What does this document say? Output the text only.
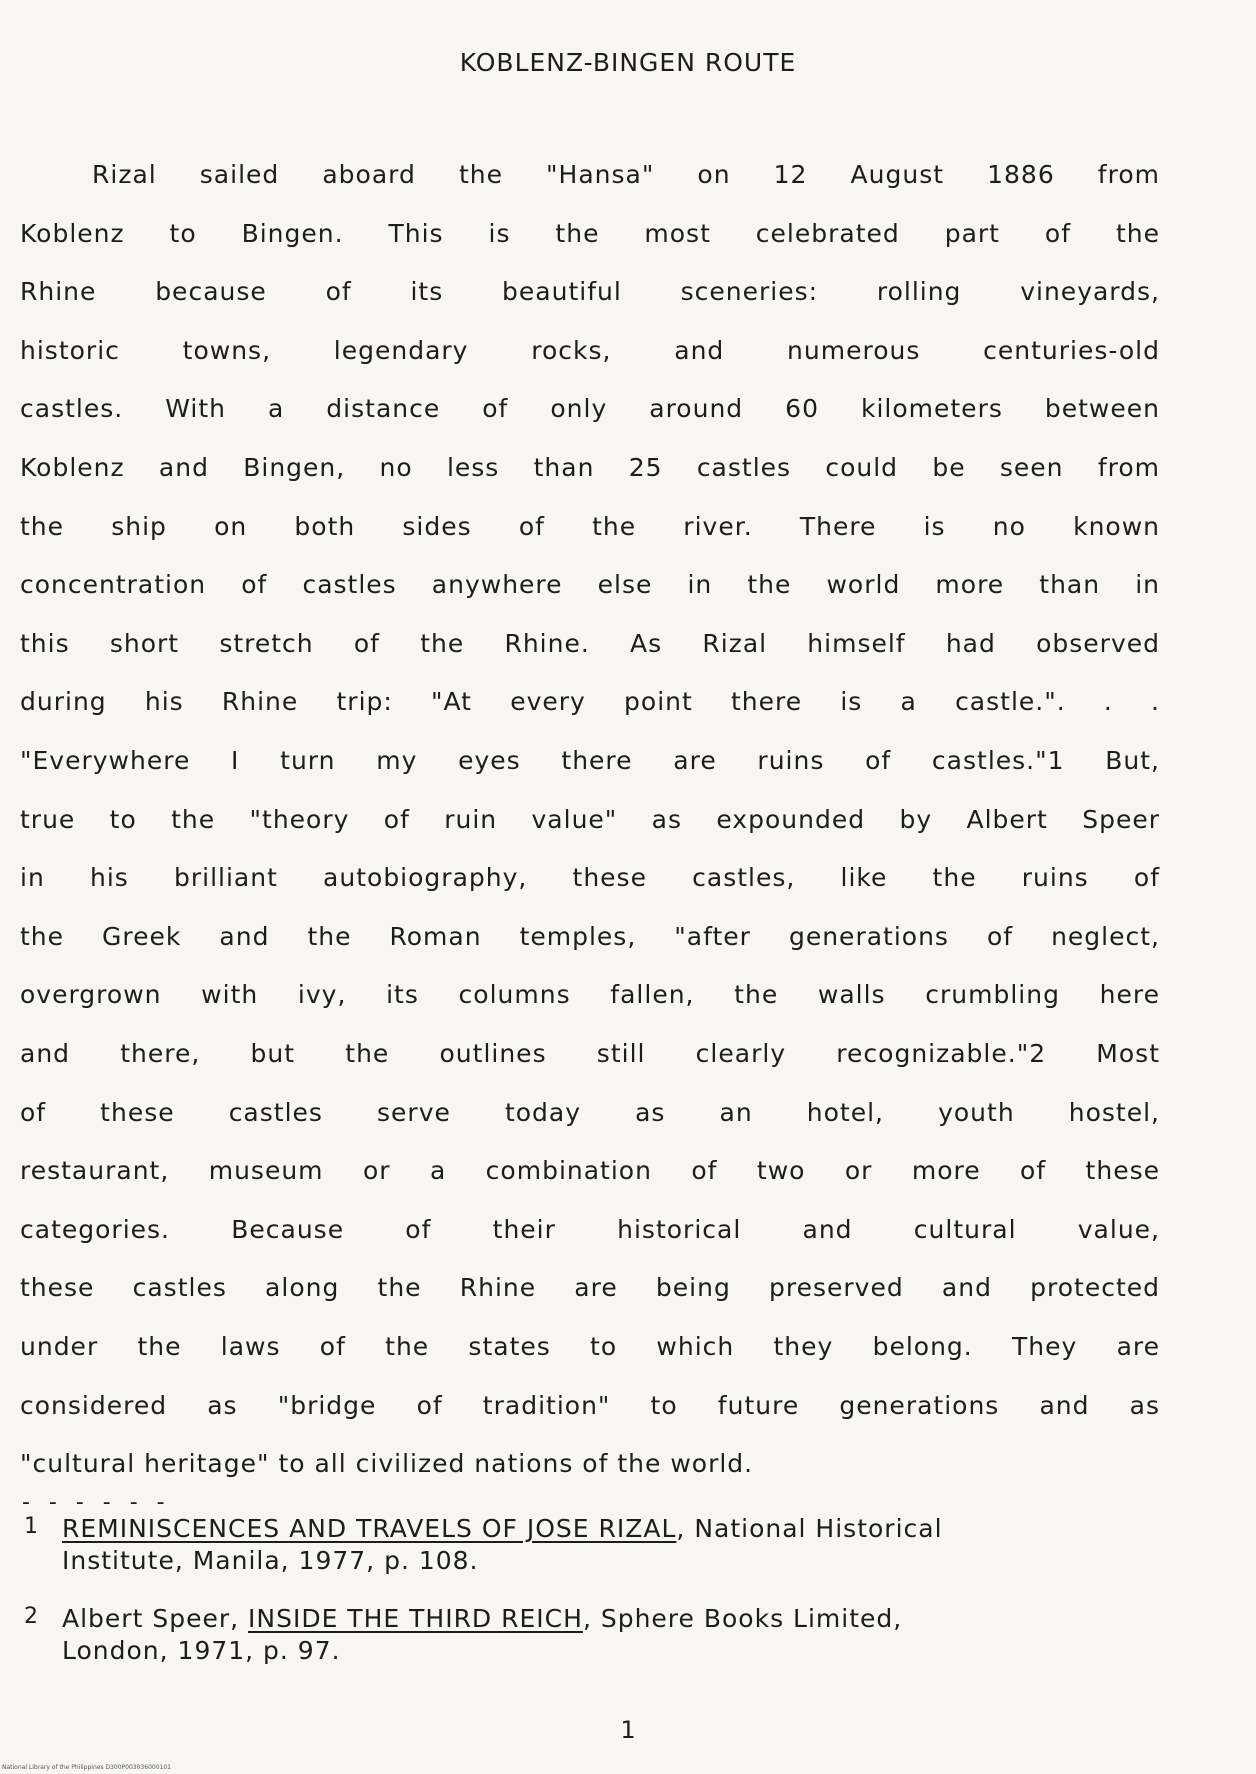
KOBLENZ-BINGEN ROUTE
Rizal sailed aboard the "Hansa" on 12 August 1886 from
Koblenz to Bingen. This is the most celebrated part of the
Rhine because of its beautiful sceneries: rolling vineyards,
historic towns, legendary rocks, and numerous centuries-old
castles. With a distance of only around 60 kilometers between
Koblenz and Bingen, no less than 25 castles could be seen from
the ship on both sides of the river. There is no known
concentration of castles anywhere else in the world more than in
this short stretch of the Rhine. As Rizal himself had observed
during his Rhine trip: "At every point there is a castle.". . .
"Everywhere I turn my eyes there are ruins of castles."1 But,
true to the "theory of ruin value" as expounded by Albert Speer
in his brilliant autobiography, these castles, like the ruins of
the Greek and the Roman temples, "after generations of neglect,
overgrown with ivy, its columns fallen, the walls crumbling here
and there, but the outlines still clearly recognizable."2 Most
of these castles serve today as an hotel, youth hostel,
restaurant, museum or a combination of two or more of these
categories. Because of their historical and cultural value,
these castles along the Rhine are being preserved and protected
under the laws of the states to which they belong. They are
considered as "bridge of tradition" to future generations and as
"cultural heritage" to all civilized nations of the world.
- - - - - -
1 REMINISCENCES AND TRAVELS OF JOSE RIZAL, National Historical
Institute, Manila, 1977, p. 108.
2 Albert Speer, INSIDE THE THIRD REICH, Sphere Books Limited,
London, 1971, p. 97.
1
National Library of the Philippines D300P003036000101
